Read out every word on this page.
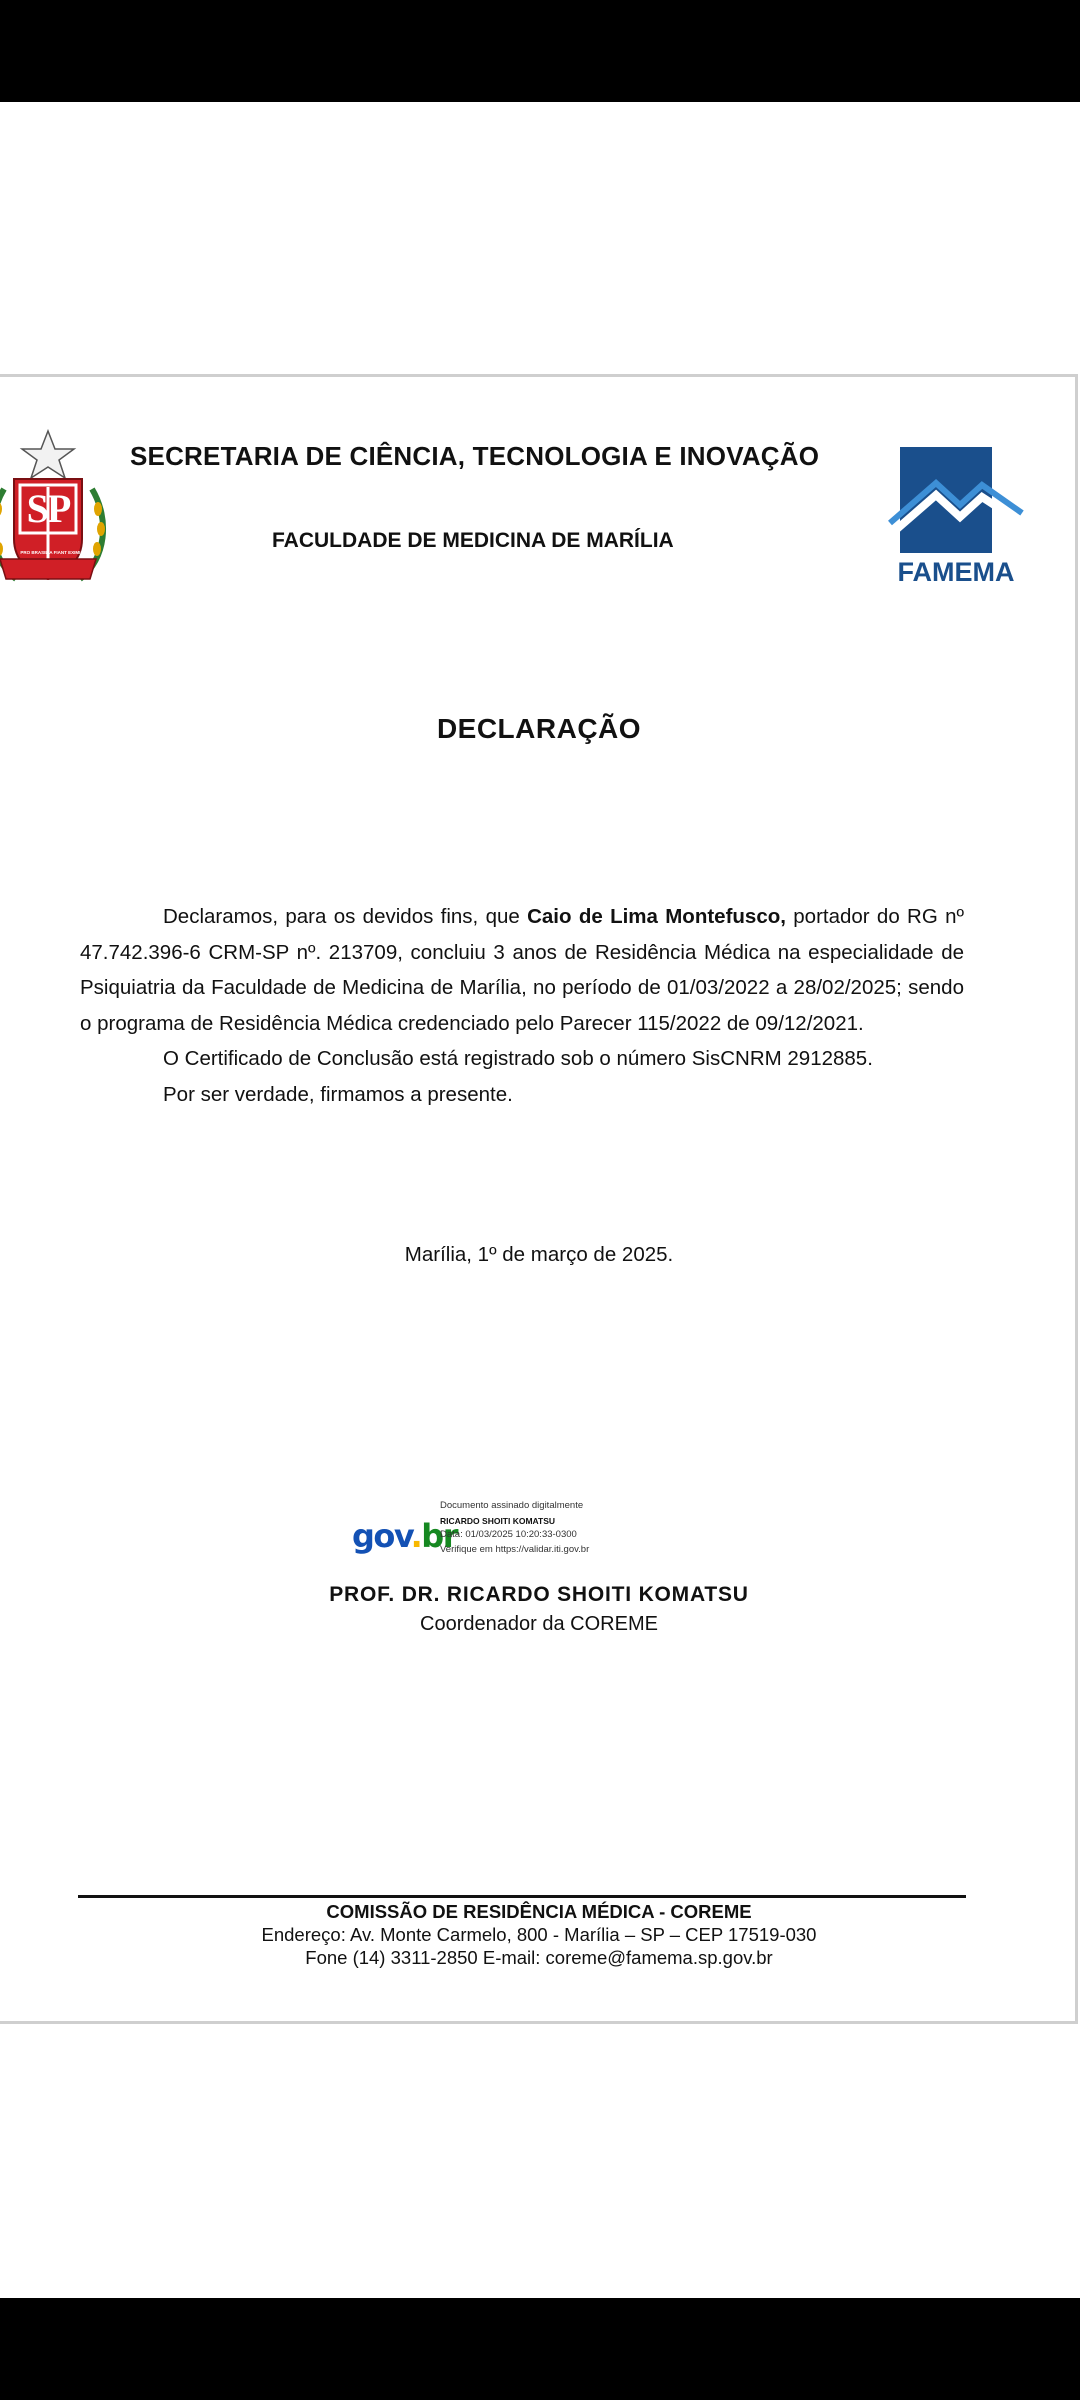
SP
PRO BRASILIA FIANT EXIMIA
SECRETARIA DE CIÊNCIA, TECNOLOGIA E INOVAÇÃO
FACULDADE DE MEDICINA DE MARÍLIA
FAMEMA
DECLARAÇÃO

Declaramos, para os devidos fins, que Caio de Lima Montefusco, portador do RG nº 47.742.396-6 CRM-SP nº. 213709, concluiu 3 anos de Residência Médica na especialidade de Psiquiatria da Faculdade de Medicina de Marília, no período de 01/03/2022 a 28/02/2025; sendo o programa de Residência Médica credenciado pelo Parecer 115/2022 de 09/12/2021.

O Certificado de Conclusão está registrado sob o número SisCNRM 2912885.

Por ser verdade, firmamos a presente.

Marília, 1º de março de 2025.
gov.br
Documento assinado digitalmente
RICARDO SHOITI KOMATSU
Data: 01/03/2025 10:20:33-0300
Verifique em https://validar.iti.gov.br
PROF. DR. RICARDO SHOITI KOMATSU
Coordenador da COREME
COMISSÃO DE RESIDÊNCIA MÉDICA - COREME
Endereço: Av. Monte Carmelo, 800 - Marília – SP – CEP 17519-030
Fone (14) 3311-2850 E-mail: coreme@famema.sp.gov.br
